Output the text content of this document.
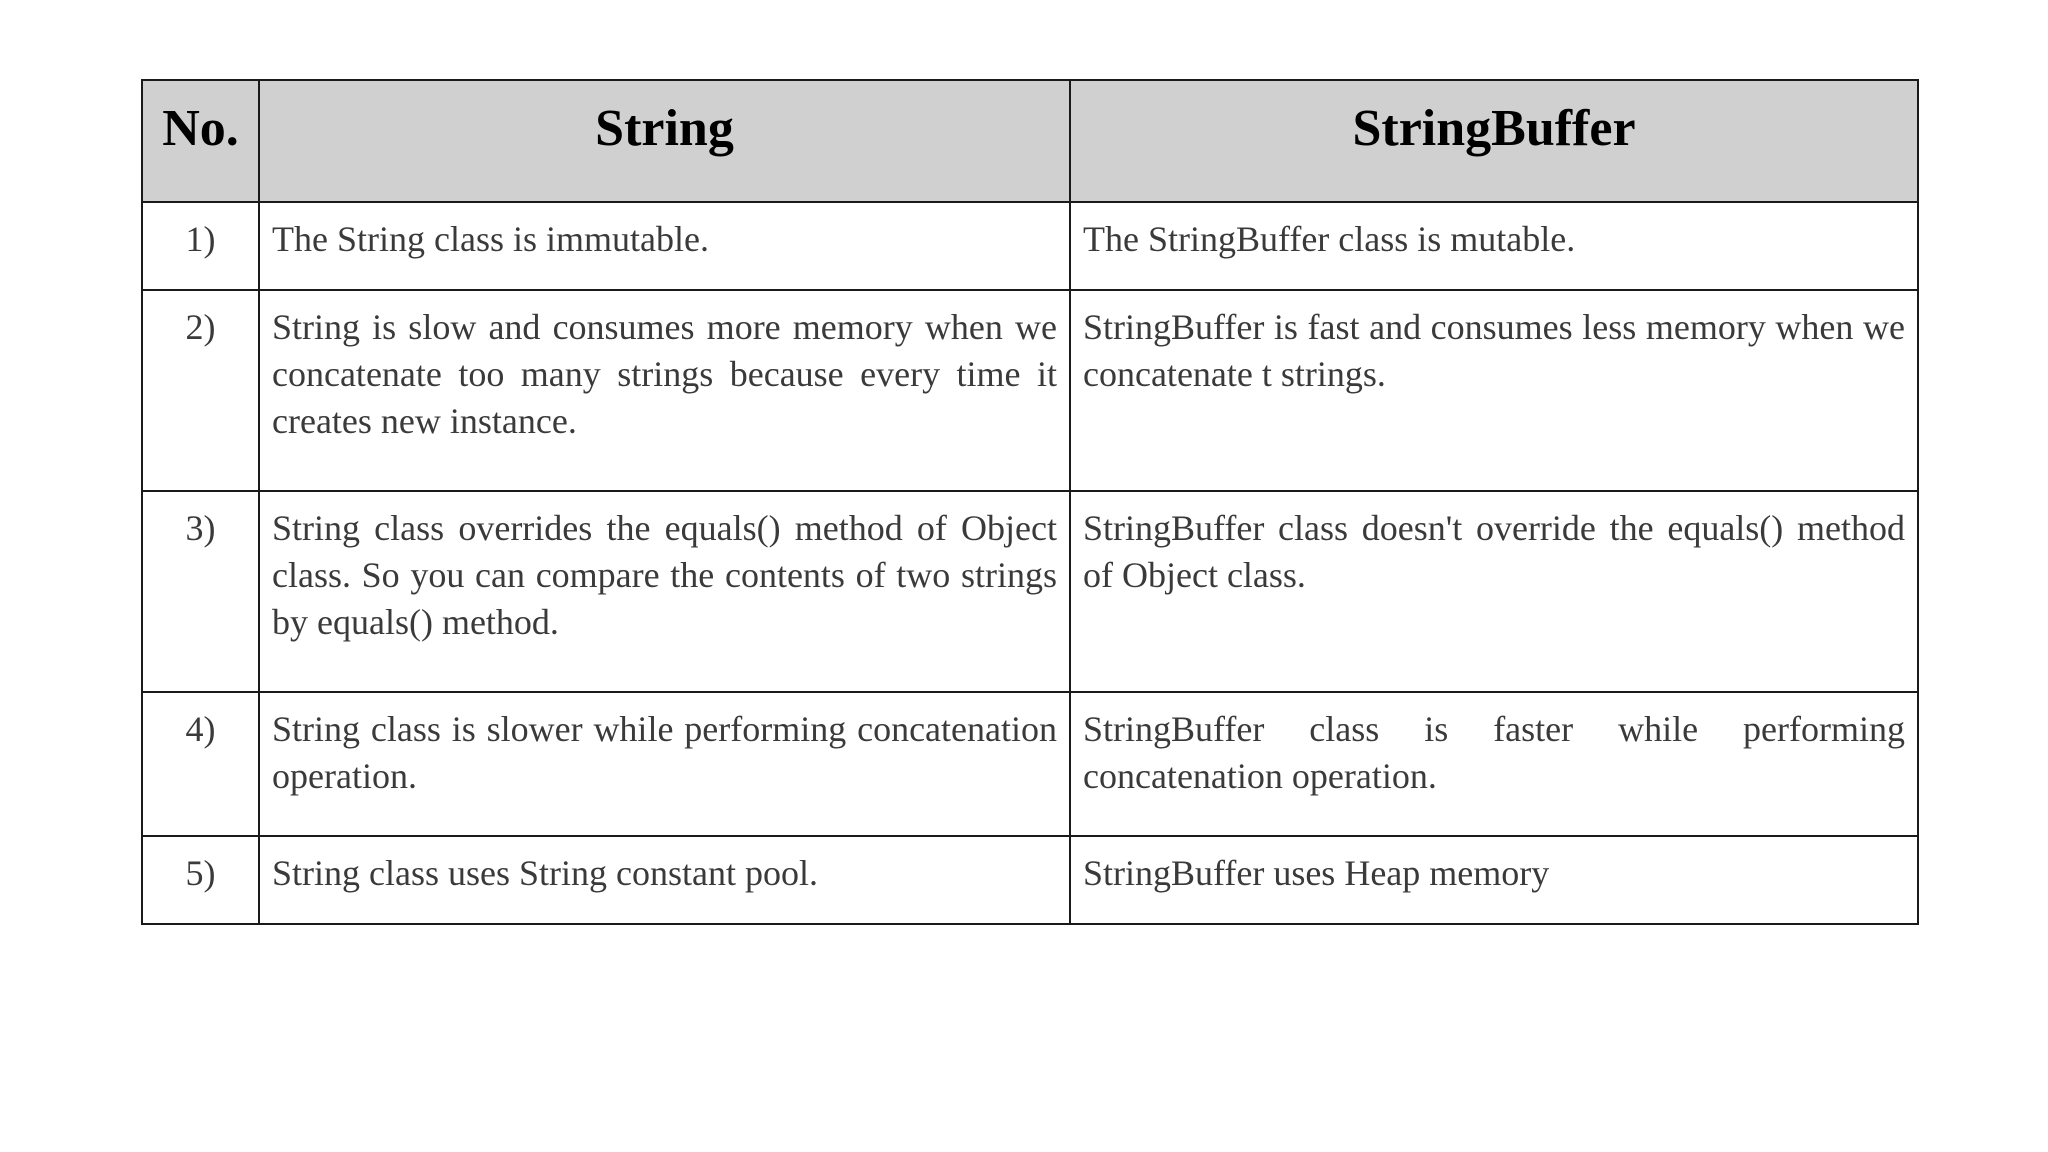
No.	String	StringBuffer
1)	The String class is immutable.	The StringBuffer class is mutable.
2)	String is slow and consumes more memory when we concatenate too many strings because every time it creates new instance.	StringBuffer is fast and consumes less memory when we concatenate t strings.
3)	String class overrides the equals() method of Object class. So you can compare the contents of two strings by equals() method.	StringBuffer class doesn't override the equals() method of Object class.
4)	String class is slower while performing concatenation operation.	StringBuffer class is faster while performing concatenation operation.
5)	String class uses String constant pool.	StringBuffer uses Heap memory
